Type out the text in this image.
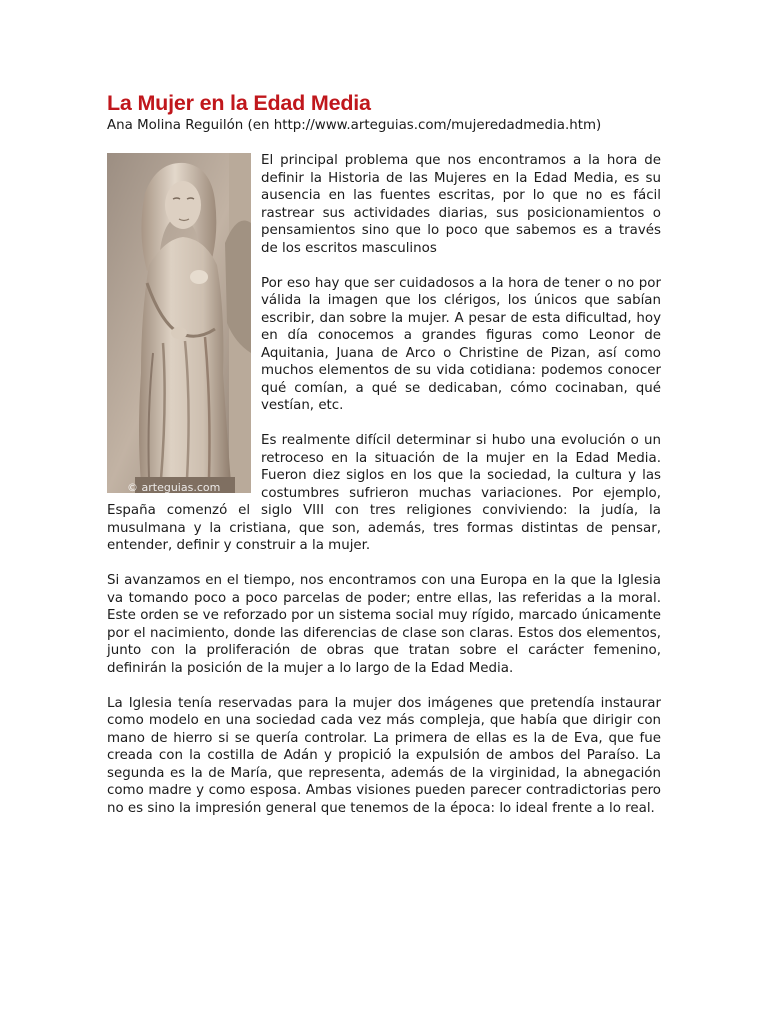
La Mujer en la Edad Media

Ana Molina Reguilón (en http://www.arteguias.com/mujeredadmedia.htm)

© arteguias.com

El principal problema que nos encontramos a la hora de definir la Historia de las Mujeres en la Edad Media, es su ausencia en las fuentes escritas, por lo que no es fácil rastrear sus actividades diarias, sus posicionamientos o pensamientos sino que lo poco que sabemos es a través de los escritos masculinos

Por eso hay que ser cuidadosos a la hora de tener o no por válida la imagen que los clérigos, los únicos que sabían escribir, dan sobre la mujer. A pesar de esta dificultad, hoy en día conocemos a grandes figuras como Leonor de Aquitania, Juana de Arco o Christine de Pizan, así como muchos elementos de su vida cotidiana: podemos conocer qué comían, a qué se dedicaban, cómo cocinaban, qué vestían, etc.

Es realmente difícil determinar si hubo una evolución o un retroceso en la situación de la mujer en la Edad Media. Fueron diez siglos en los que la sociedad, la cultura y las costumbres sufrieron muchas variaciones. Por ejemplo, España comenzó el siglo VIII con tres religiones conviviendo: la judía, la musulmana y la cristiana, que son, además, tres formas distintas de pensar, entender, definir y construir a la mujer.

Si avanzamos en el tiempo, nos encontramos con una Europa en la que la Iglesia va tomando poco a poco parcelas de poder; entre ellas, las referidas a la moral. Este orden se ve reforzado por un sistema social muy rígido, marcado únicamente por el nacimiento, donde las diferencias de clase son claras. Estos dos elementos, junto con la proliferación de obras que tratan sobre el carácter femenino, definirán la posición de la mujer a lo largo de la Edad Media.

La Iglesia tenía reservadas para la mujer dos imágenes que pretendía instaurar como modelo en una sociedad cada vez más compleja, que había que dirigir con mano de hierro si se quería controlar. La primera de ellas es la de Eva, que fue creada con la costilla de Adán y propició la expulsión de ambos del Paraíso. La segunda es la de María, que representa, además de la virginidad, la abnegación como madre y como esposa. Ambas visiones pueden parecer contradictorias pero no es sino la impresión general que tenemos de la época: lo ideal frente a lo real.
